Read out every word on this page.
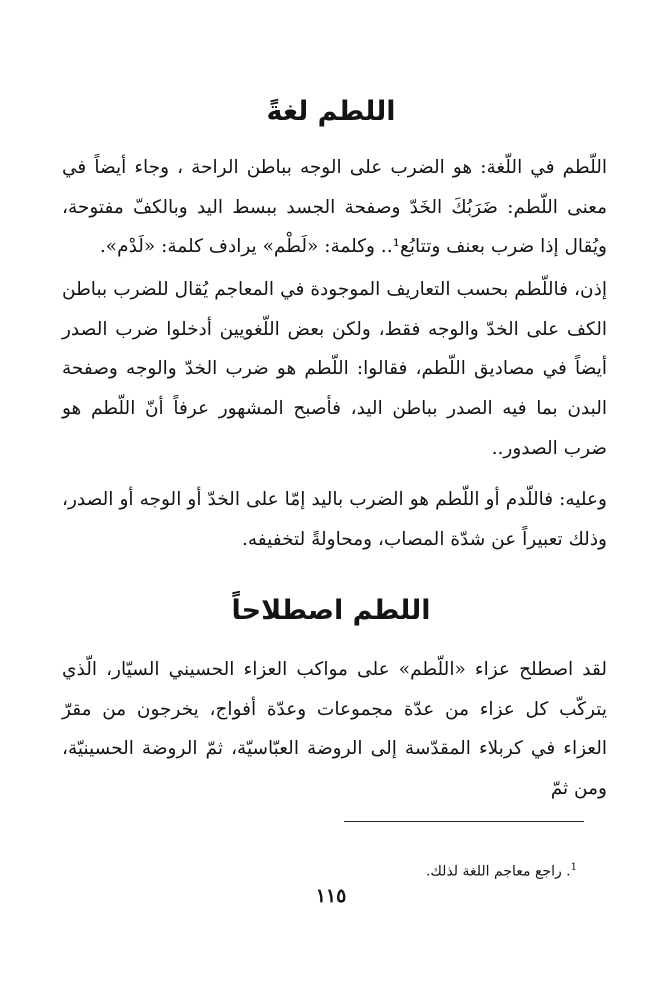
اللطم لغةً

اللّطم في اللّغة: هو الضرب على الوجه بباطن الراحة ، وجاء أيضاً في معنى اللّطم: ضَرَبُكَ الخَدّ وصفحة الجسد ببسط اليد وبالكفّ مفتوحة، ويُقال إذا ضرب بعنف وتتابُع¹.. وكلمة: «لَطْم» يرادف كلمة: «لَدْم».

إذن، فاللّطم بحسب التعاريف الموجودة في المعاجم يُقال للضرب بباطن الكف على الخدّ والوجه فقط، ولكن بعض اللّغويين أدخلوا ضرب الصدر أيضاً في مصاديق اللّطم، فقالوا: اللّطم هو ضرب الخدّ والوجه وصفحة البدن بما فيه الصدر بباطن اليد، فأصبح المشهور عرفاً أنّ اللّطم هو ضرب الصدور..

وعليه: فاللّدم أو اللّطم هو الضرب باليد إمّا على الخدّ أو الوجه أو الصدر، وذلك تعبيراً عن شدّة المصاب، ومحاولةً لتخفيفه.

اللطم اصطلاحاً

لقد اصطلح عزاء «اللّطم» على مواكب العزاء الحسيني السيّار، الّذي يتركّب كل عزاء من عدّة مجموعات وعدّة أفواج، يخرجون من مقرّ العزاء في كربلاء المقدّسة إلى الروضة العبّاسيّة، ثمّ الروضة الحسينيّة، ومن ثمّ

$^1$. راجع معاجم اللغة لذلك.
١١٥
